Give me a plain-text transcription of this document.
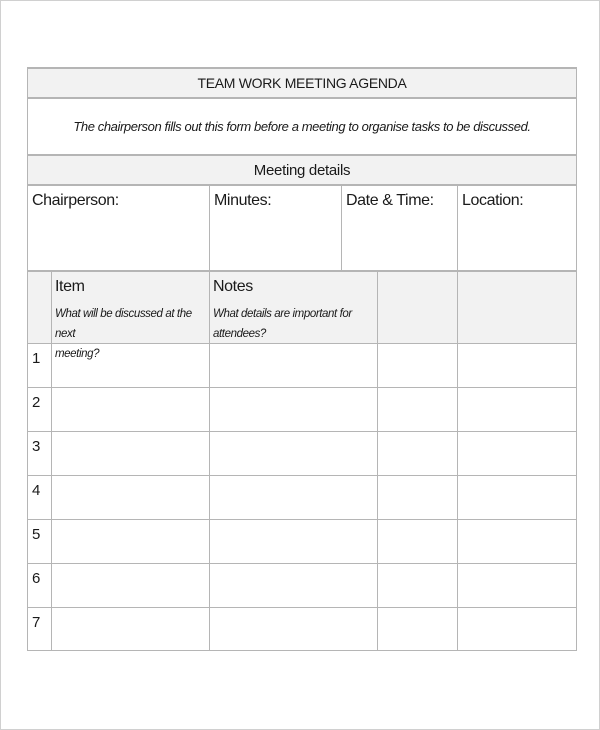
TEAM WORK MEETING AGENDA
The chairperson fills out this form before a meeting to organise tasks to be discussed.
Meeting details
Chairperson:	Minutes:	Date & Time: Location:
Item
What will be discussed at the next
meeting?
Notes
What details are important for
attendees?
1
2
3
4
5
6
7
